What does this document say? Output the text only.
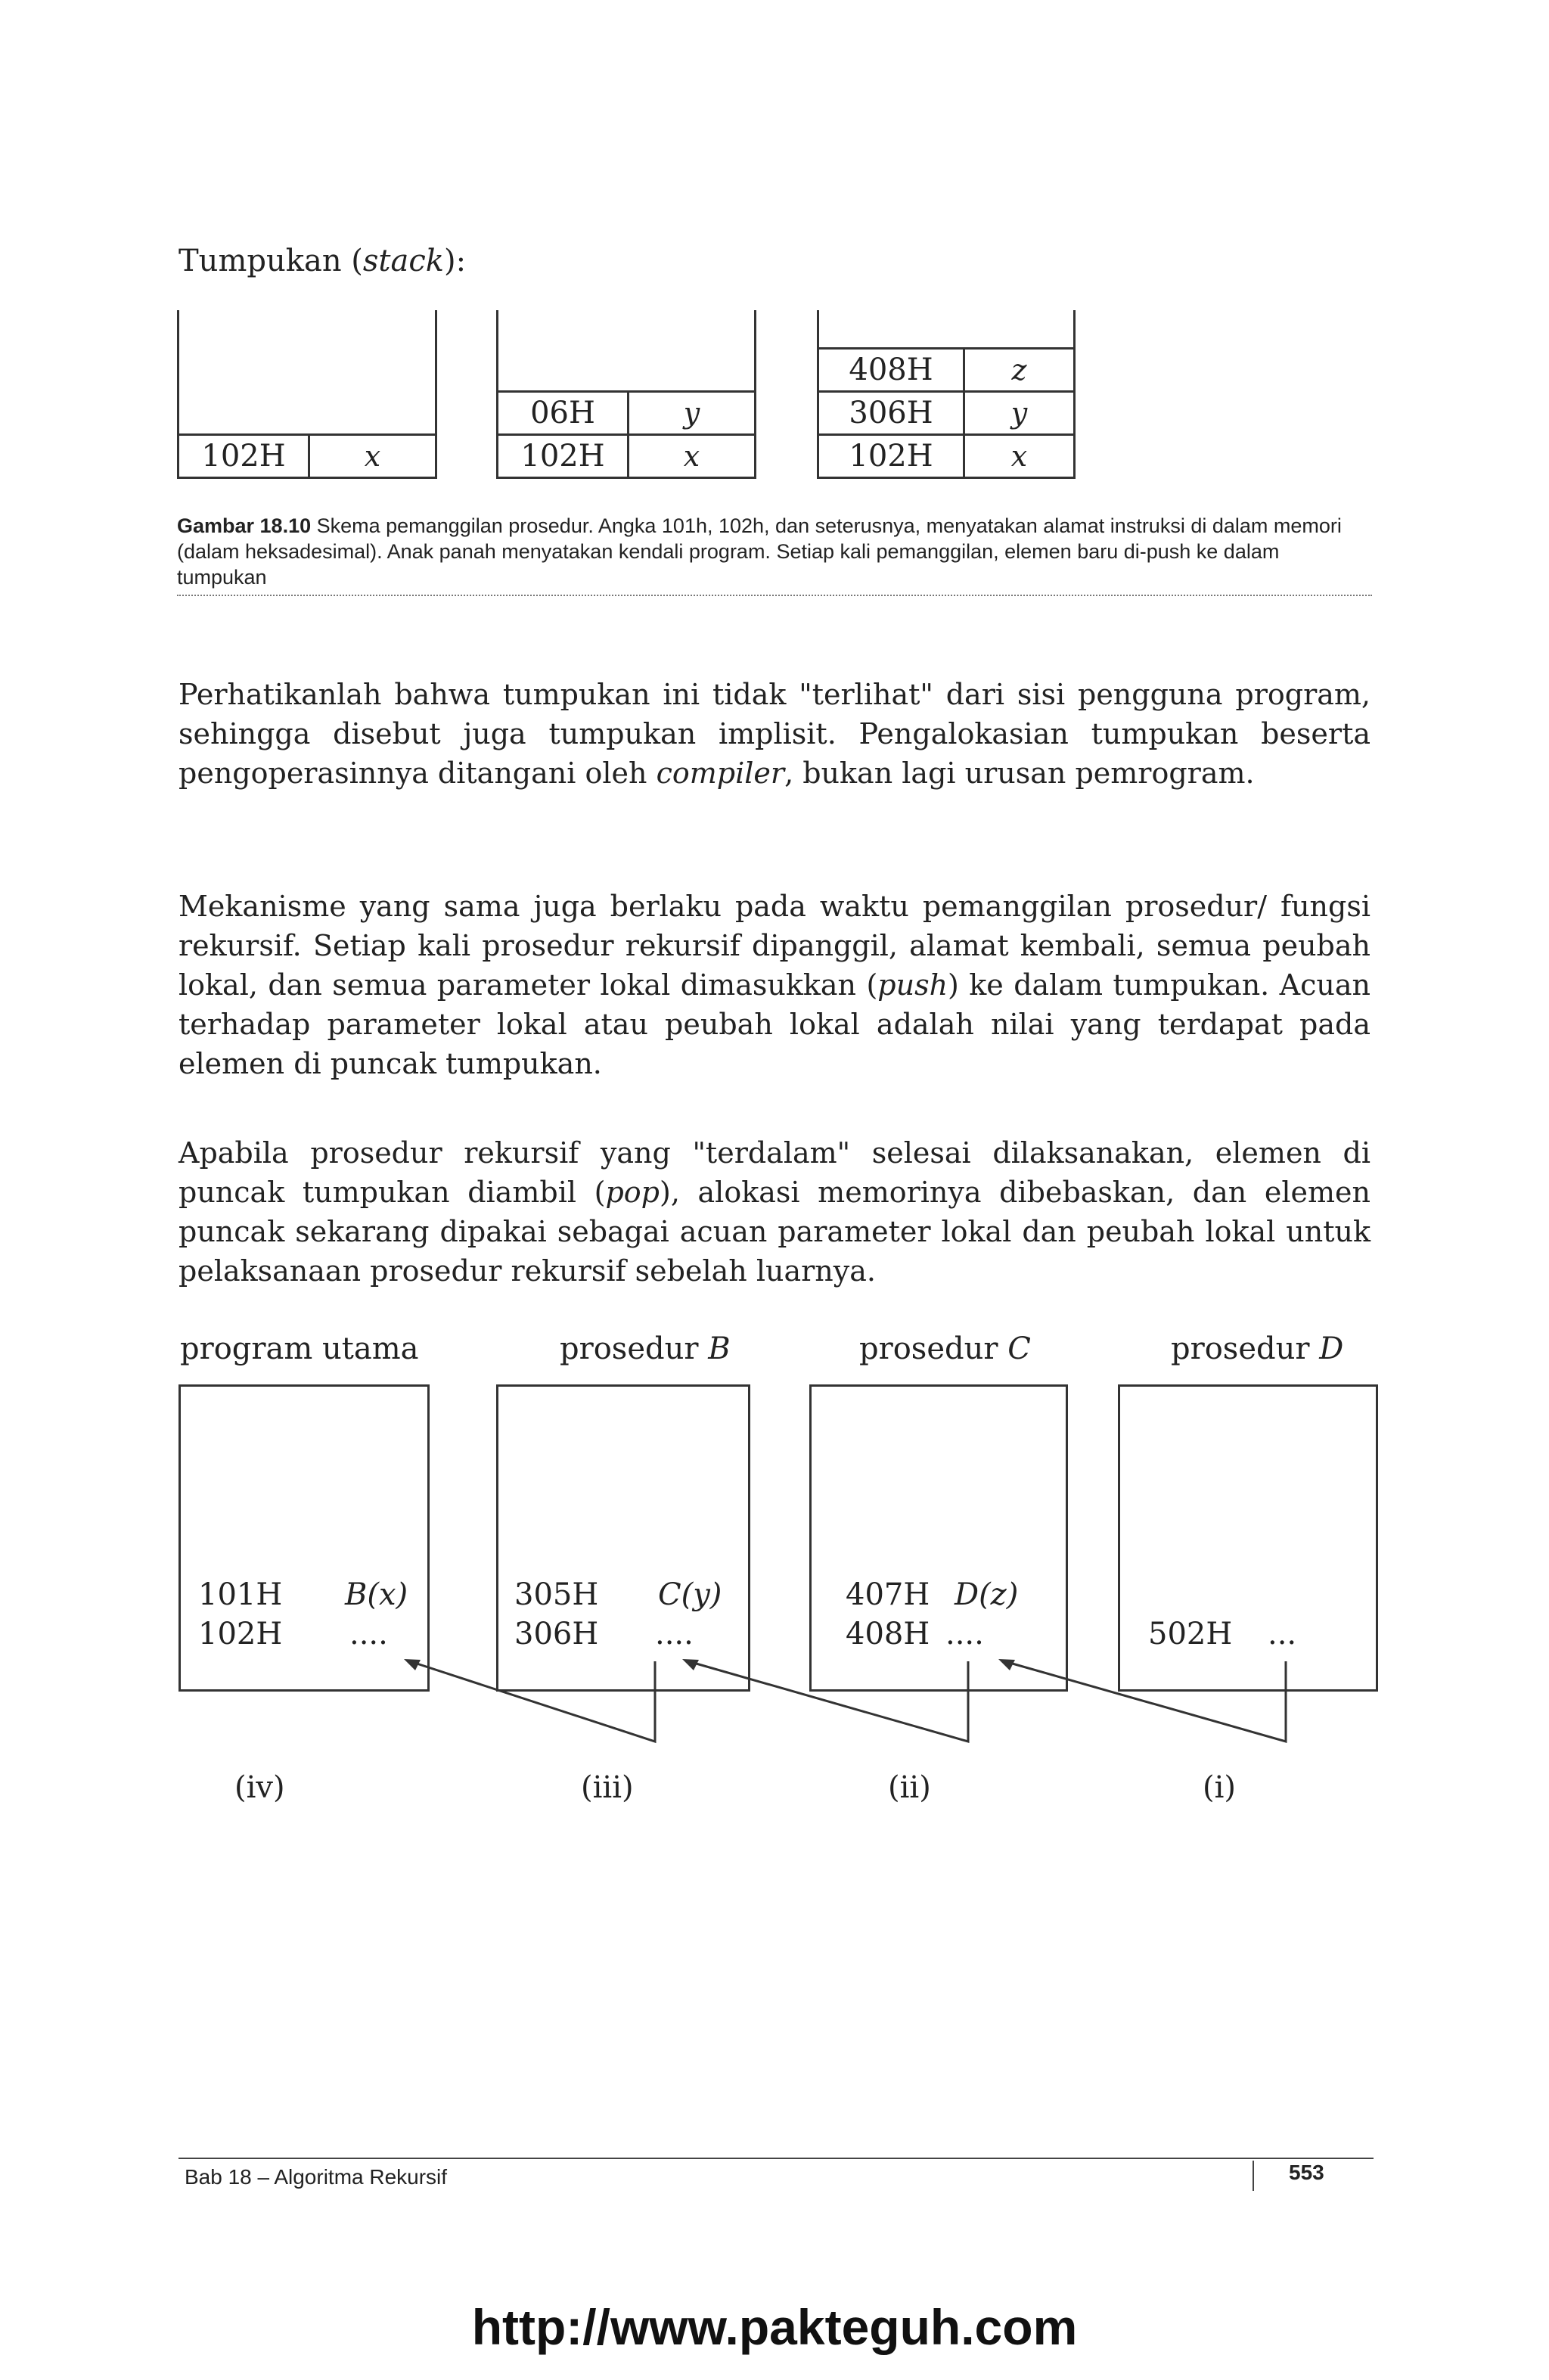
Tumpukan (stack):
102H	x
06H	y
102H	x
408H	z
306H	y
102H	x
Gambar 18.10 Skema pemanggilan prosedur. Angka 101h, 102h, dan seterusnya, menyatakan alamat instruksi di dalam memori (dalam heksadesimal). Anak panah menyatakan kendali program. Setiap kali pemanggilan, elemen baru di-push ke dalam tumpukan

Perhatikanlah bahwa tumpukan ini tidak "terlihat" dari sisi pengguna program, sehingga disebut juga tumpukan implisit. Pengalokasian tumpukan beserta pengoperasinnya ditangani oleh compiler, bukan lagi urusan pemrogram.

Mekanisme yang sama juga berlaku pada waktu pemanggilan prosedur/ fungsi rekursif. Setiap kali prosedur rekursif dipanggil, alamat kembali, semua peubah lokal, dan semua parameter lokal dimasukkan (push) ke dalam tumpukan. Acuan terhadap parameter lokal atau peubah lokal adalah nilai yang terdapat pada elemen di puncak tumpukan.

Apabila prosedur rekursif yang "terdalam" selesai dilaksanakan, elemen di puncak tumpukan diambil (pop), alokasi memorinya dibebaskan, dan elemen puncak sekarang dipakai sebagai acuan parameter lokal dan peubah lokal untuk pelaksanaan prosedur rekursif sebelah luarnya.

program utama	prosedur B	prosedur C	prosedur D
101H B(x)
102H ....
305H C(y)
306H ....
407H D(z)
408H ....	502H ...
(iv)	(iii)	(ii)	(i)
Bab 18 – Algoritma Rekursif	553
http://www.pakteguh.com
